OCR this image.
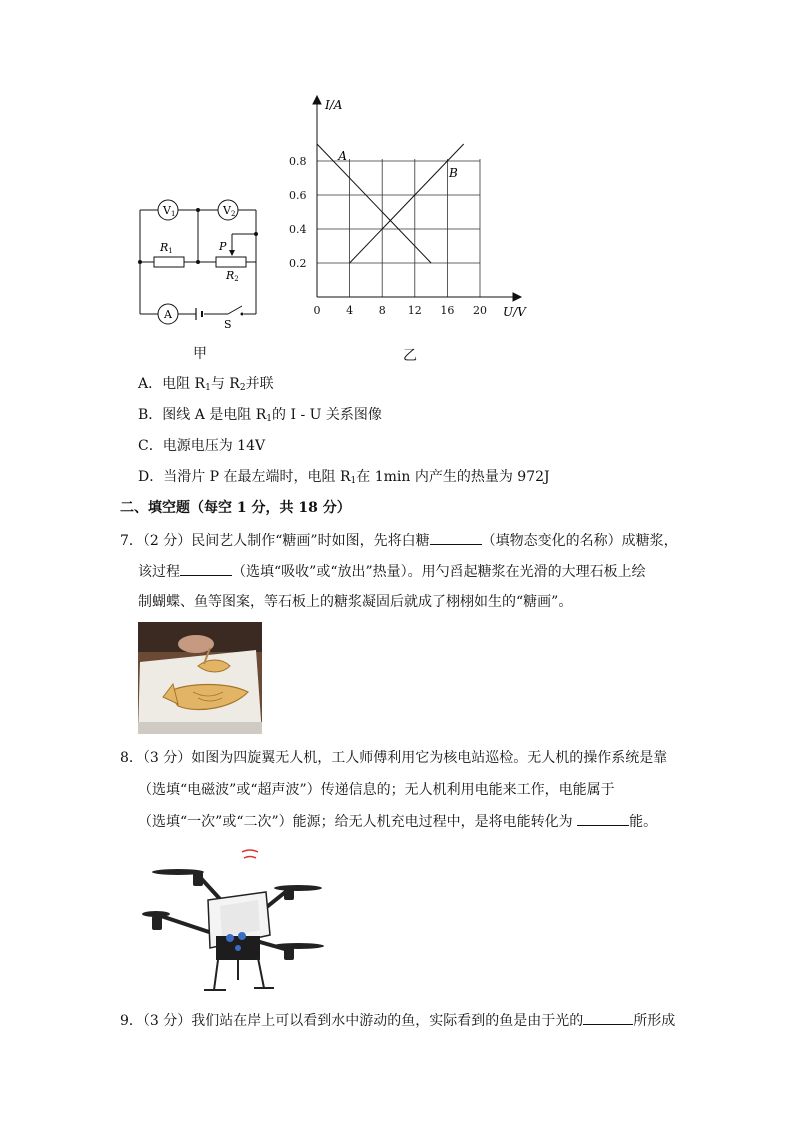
V1	V2
R1	P
R2
A
S
甲
0 4 8 12 16 20
0.2
0.4
0.6
0.8
I/A
U/V
A
B
乙
A．电阻 $R_1$与 $R_2$并联
B．图线 A 是电阻 $R_1$的 I - U 关系图像
C．电源电压为 14V
D．当滑片 P 在最左端时，电阻 $R_1$在 1min 内产生的热量为 972J
二、填空题（每空 1 分，共 18 分）
7．（2 分）民间艺人制作“糖画”时如图，先将白糖	（填物态变化的名称）成糖浆，
该过程	（选填“吸收”或“放出”热量）。用勺舀起糖浆在光滑的大理石板上绘
制蝴蝶、鱼等图案，等石板上的糖浆凝固后就成了栩栩如生的“糖画”。
8．（3 分）如图为四旋翼无人机，工人师傅利用它为核电站巡检。无人机的操作系统是靠
（选填“电磁波”或“超声波”）传递信息的；无人机利用电能来工作，电能属于
（选填“一次”或“二次”）能源；给无人机充电过程中，是将电能转化为	能。
9．（3 分）我们站在岸上可以看到水中游动的鱼，实际看到的鱼是由于光的	所形成
